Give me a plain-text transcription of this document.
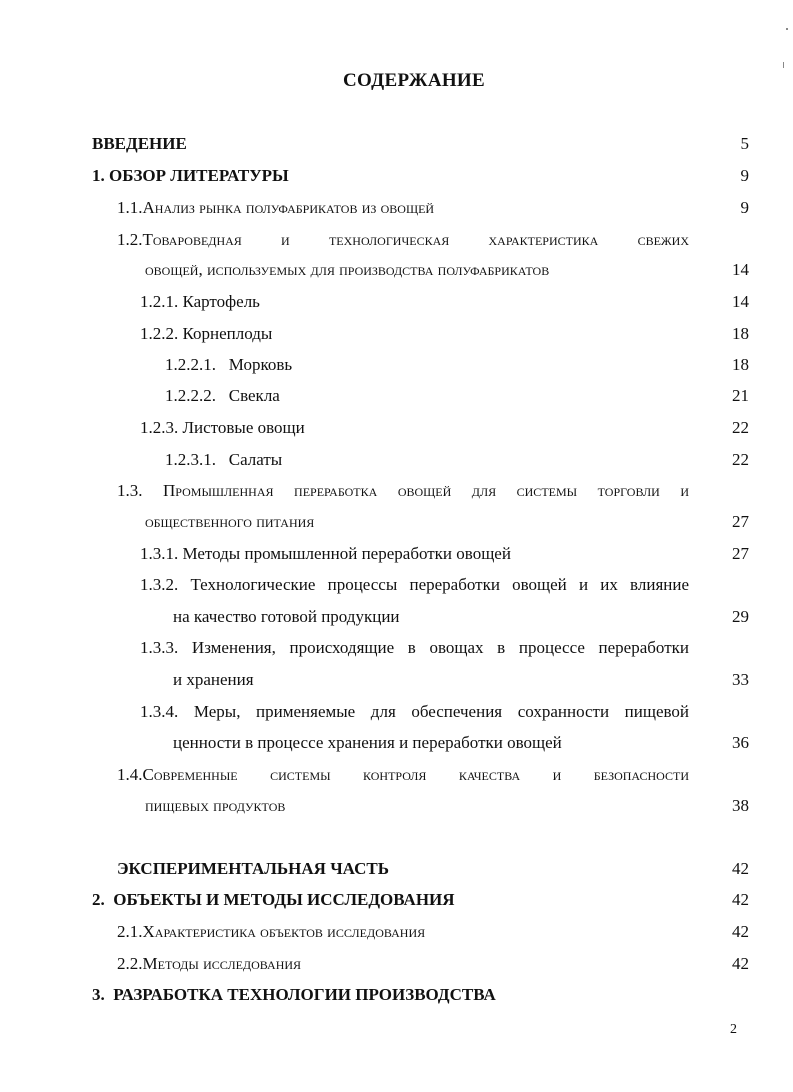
СОДЕРЖАНИЕ
ВВЕДЕНИЕ	5
1. ОБЗОР ЛИТЕРАТУРЫ	9
1.1.Анализ рынка полуфабрикатов из овощей	9
1.2.Товароведная и технологическая характеристика свежих
овощей, используемых для производства полуфабрикатов	14
1.2.1. Картофель	14
1.2.2. Корнеплоды	18
1.2.2.1.   Морковь	18
1.2.2.2.   Свекла	21
1.2.3. Листовые овощи	22
1.2.3.1.   Салаты	22
1.3. Промышленная переработка овощей для системы торговли и
общественного питания	27
1.3.1. Методы промышленной переработки овощей	27
1.3.2. Технологические процессы переработки овощей и их влияние
на качество готовой продукции	29
1.3.3. Изменения, происходящие в овощах в процессе переработки
и хранения	33
1.3.4. Меры, применяемые для обеспечения сохранности пищевой
ценности в процессе хранения и переработки овощей	36
1.4.Современные системы контроля качества и безопасности
пищевых продуктов	38
ЭКСПЕРИМЕНТАЛЬНАЯ ЧАСТЬ	42
2.  ОБЪЕКТЫ И МЕТОДЫ ИССЛЕДОВАНИЯ	42
2.1.Характеристика объектов исследования	42
2.2.Методы исследования	42
3.  РАЗРАБОТКА ТЕХНОЛОГИИ ПРОИЗВОДСТВА
2
